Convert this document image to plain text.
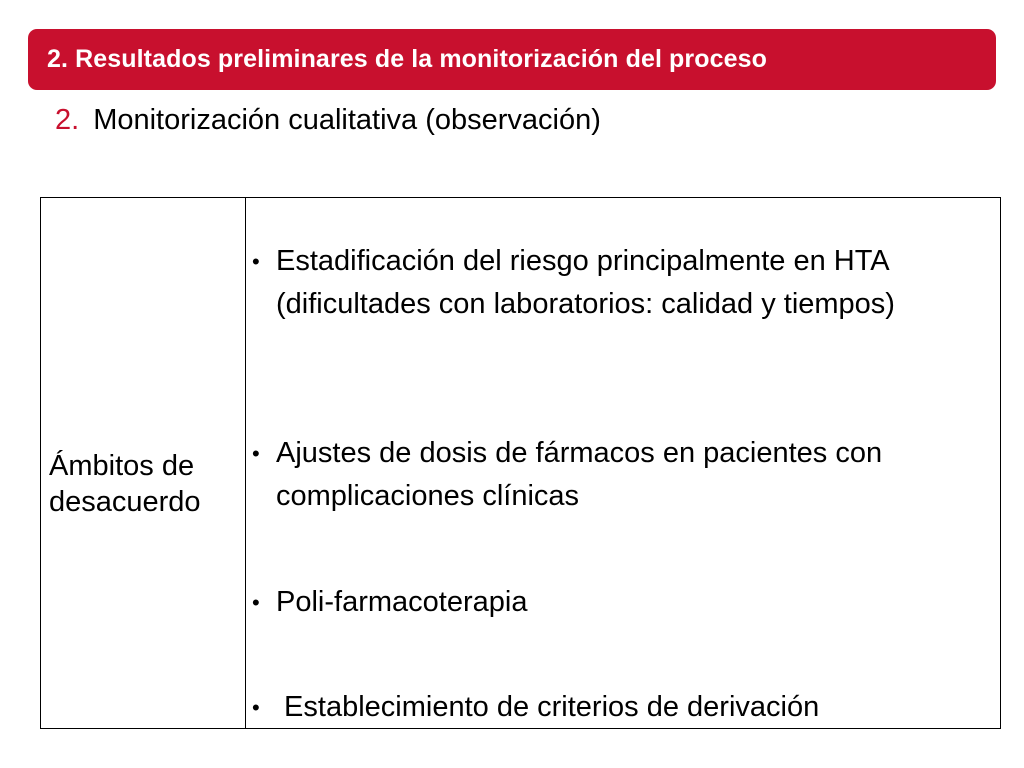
2. Resultados preliminares de la monitorización del proceso
2. Monitorización cualitativa (observación)
Ámbitos de desacuerdo
• Estadificación del riesgo principalmente en HTA (dificultades con laboratorios: calidad y tiempos)
• Ajustes de dosis de fármacos en pacientes con complicaciones clínicas
• Poli-farmacoterapia
• Establecimiento de criterios de derivación
